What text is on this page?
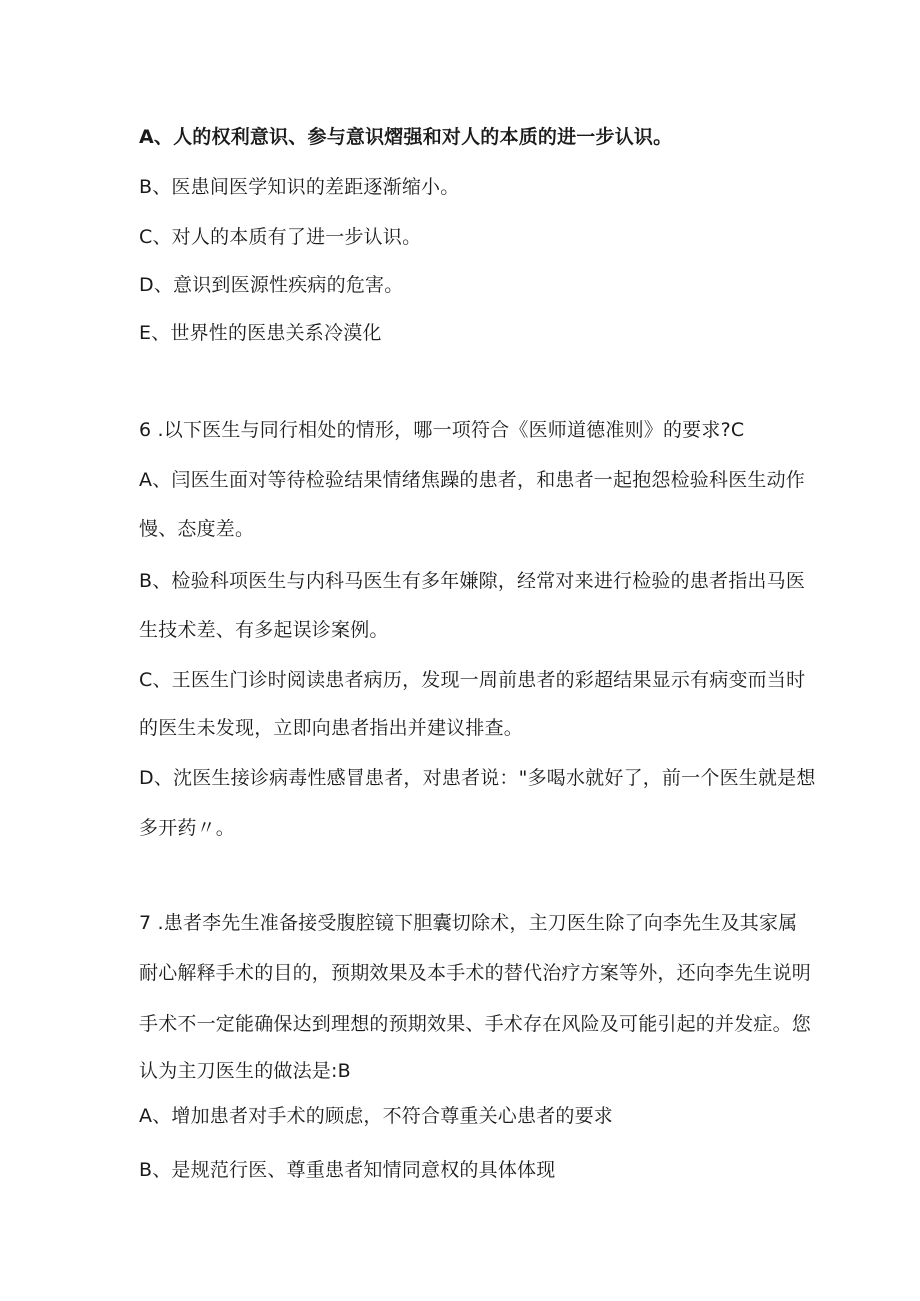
A、人的权利意识、参与意识熠强和对人的本质的进一步认识。
B、医患间医学知识的差距逐渐缩小。
C、对人的本质有了进一步认识。
D、意识到医源性疾病的危害。
E、世界性的医患关系冷漠化
6 .以下医生与同行相处的情形，哪一项符合《医师道德准则》的要求?C
A、闫医生面对等待检验结果情绪焦躁的患者，和患者一起抱怨检验科医生动作
慢、态度差。
B、检验科项医生与内科马医生有多年嫌隙，经常对来进行检验的患者指出马医
生技术差、有多起误诊案例。
C、王医生门诊时阅读患者病历，发现一周前患者的彩超结果显示有病变而当时
的医生未发现，立即向患者指出并建议排查。
D、沈医生接诊病毒性感冒患者，对患者说："多喝水就好了，前一个医生就是想
多开药〃。
7 .患者李先生准备接受腹腔镜下胆囊切除术，主刀医生除了向李先生及其家属
耐心解释手术的目的，预期效果及本手术的替代治疗方案等外，还向李先生说明
手术不一定能确保达到理想的预期效果、手术存在风险及可能引起的并发症。您
认为主刀医生的做法是:B
A、增加患者对手术的顾虑，不符合尊重关心患者的要求
B、是规范行医、尊重患者知情同意权的具体体现
